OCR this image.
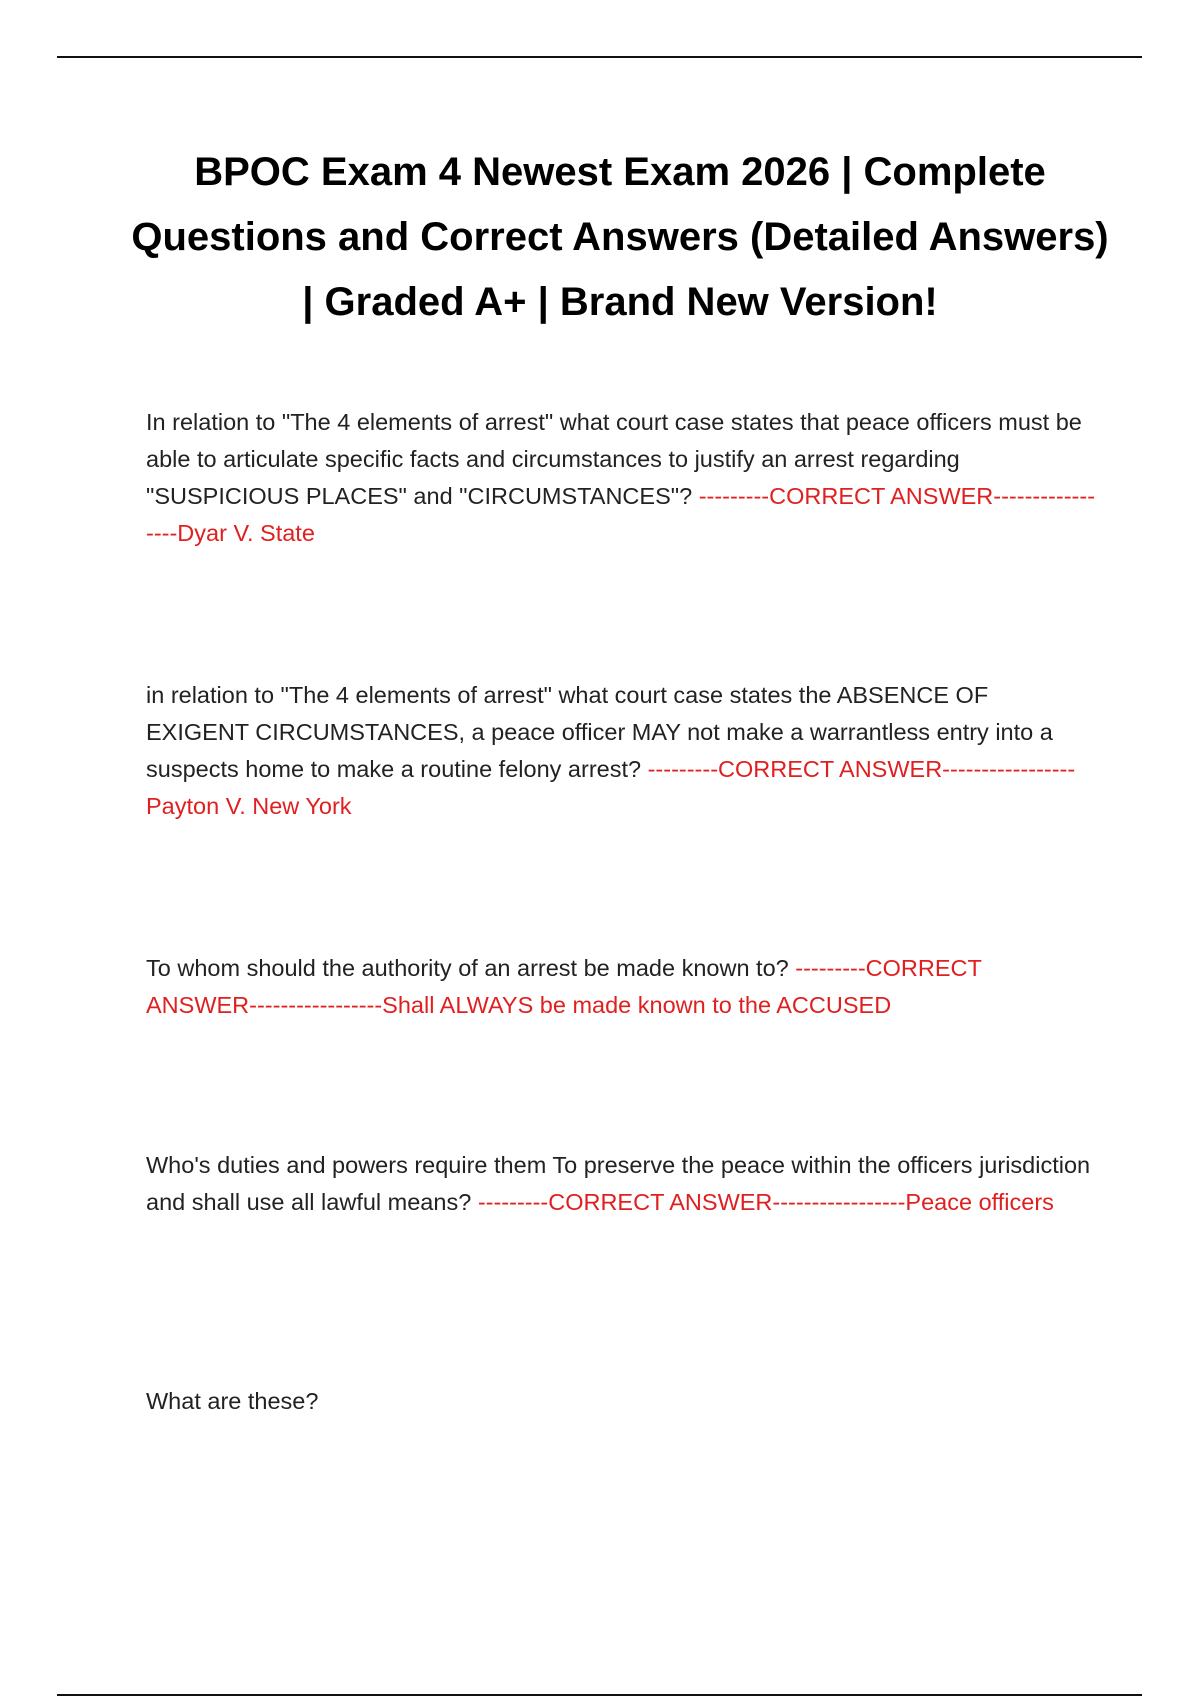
BPOC Exam 4 Newest Exam 2026 | Complete Questions and Correct Answers (Detailed Answers) | Graded A+ | Brand New Version!

In relation to "The 4 elements of arrest" what court case states that peace officers must be able to articulate specific facts and circumstances to justify an arrest regarding "SUSPICIOUS PLACES" and "CIRCUMSTANCES"? ---------CORRECT ANSWER-----------------Dyar V. State

in relation to "The 4 elements of arrest" what court case states the ABSENCE OF EXIGENT CIRCUMSTANCES, a peace officer MAY not make a warrantless entry into a suspects home to make a routine felony arrest? ---------CORRECT ANSWER-----------------Payton V. New York

To whom should the authority of an arrest be made known to? ---------CORRECT ANSWER-----------------Shall ALWAYS be made known to the ACCUSED

Who's duties and powers require them To preserve the peace within the officers jurisdiction and shall use all lawful means? ---------CORRECT ANSWER-----------------Peace officers

What are these?
